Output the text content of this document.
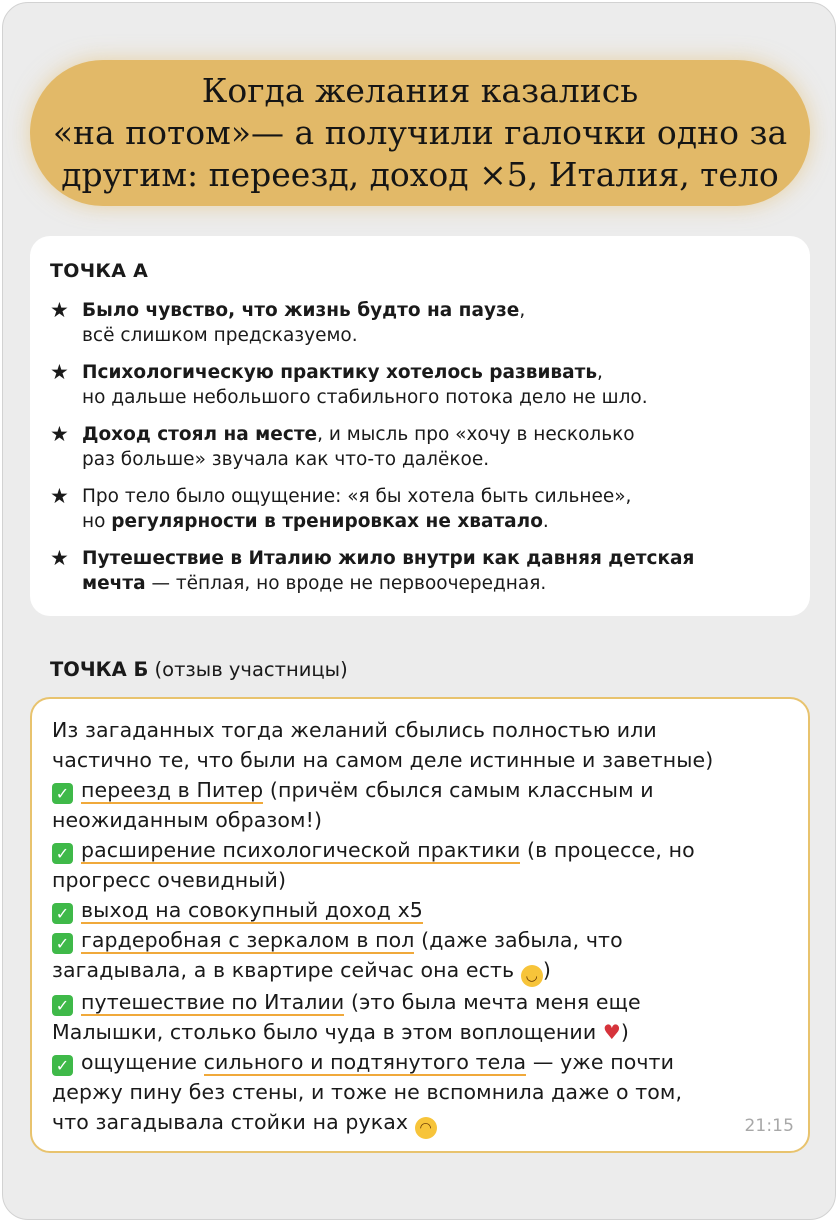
Когда желания казались
«на потом»— а получили галочки одно за
другим: переезд, доход ×5, Италия, тело
ТОЧКА А
★ Было чувство, что жизнь будто на паузе,
всё слишком предсказуемо.
★ Психологическую практику хотелось развивать,
но дальше небольшого стабильного потока дело не шло.
★ Доход стоял на месте, и мысль про «хочу в несколько
раз больше» звучала как что-то далёкое.
★ Про тело было ощущение: «я бы хотела быть сильнее»,
но регулярности в тренировках не хватало.
★ Путешествие в Италию жило внутри как давняя детская
мечта — тёплая, но вроде не первоочередная.
ТОЧКА Б (отзыв участницы)
Из загаданных тогда желаний сбылись полностью или
частично те, что были на самом деле истинные и заветные)
✓ переезд в Питер (причём сбылся самым классным и
неожиданным образом!)
✓ расширение психологической практики (в процессе, но
прогресс очевидный)
✓ выход на совокупный доход х5
✓ гардеробная с зеркалом в пол (даже забыла, что
загадывала, а в квартире сейчас она есть ◡ )
✓ путешествие по Италии (это была мечта меня еще
Малышки, столько было чуда в этом воплощении ♥)
✓ ощущение сильного и подтянутого тела — уже почти
держу пину без стены, и тоже не вспомнила даже о том,
что загадывала стойки на руках ◠	21:15
